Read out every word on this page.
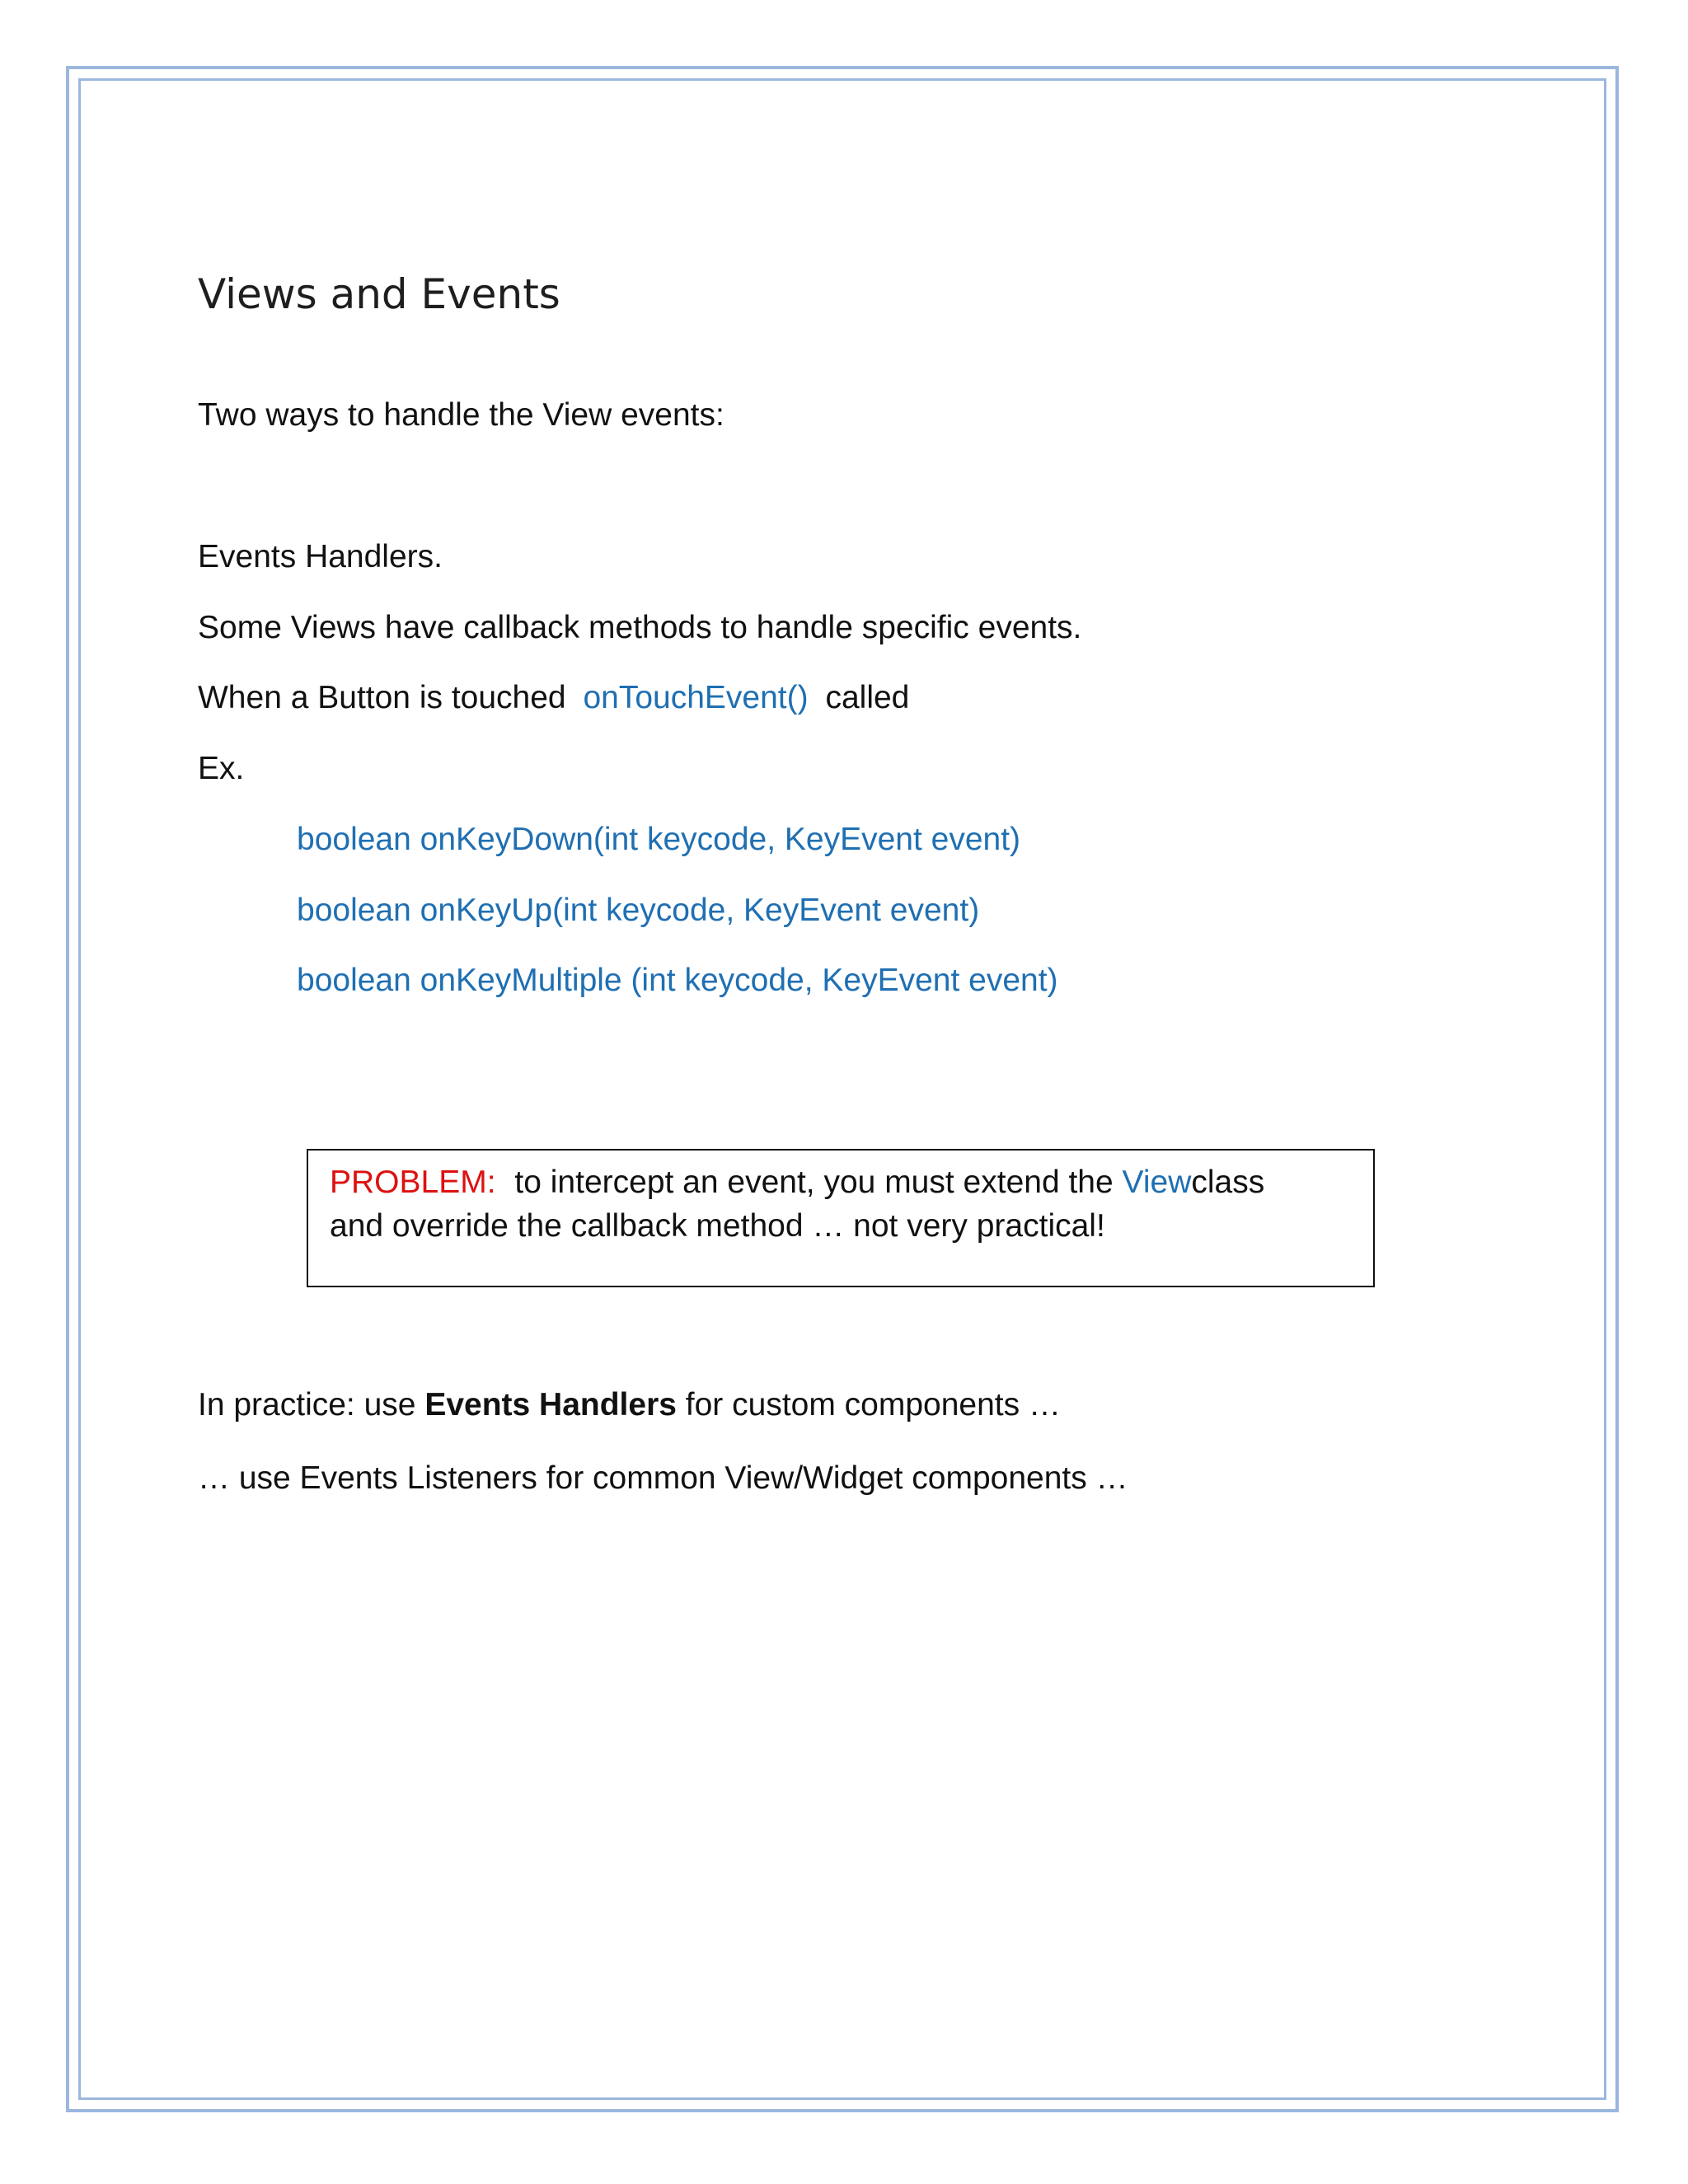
Views and Events
Two ways to handle the View events:
Events Handlers.
Some Views have callback methods to handle specific events.
When a Button is touched onTouchEvent() called
Ex.
boolean onKeyDown(int keycode, KeyEvent event)
boolean onKeyUp(int keycode, KeyEvent event)
boolean onKeyMultiple (int keycode, KeyEvent event)
PROBLEM: to intercept an event, you must extend the Viewclass
and override the callback method … not very practical!
In practice: use Events Handlers for custom components …
… use Events Listeners for common View/Widget components …
